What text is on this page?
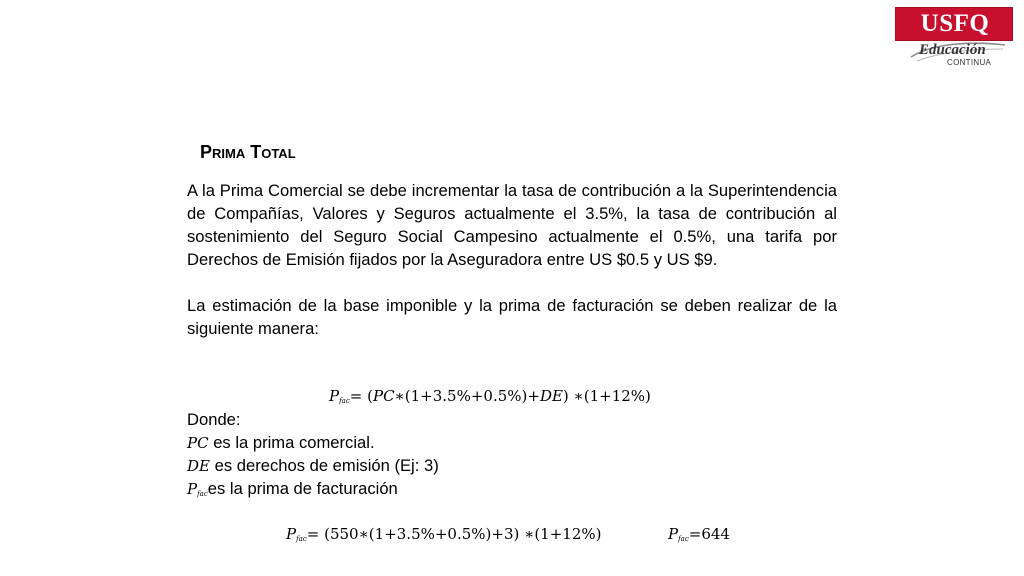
USFQ
Educación
CONTINUA
Prima Total

A la Prima Comercial se debe incrementar la tasa de contribución a la Superintendencia de Compañías, Valores y Seguros actualmente el 3.5%, la tasa de contribución al sostenimiento del Seguro Social Campesino actualmente el 0.5%, una tarifa por Derechos de Emisión fijados por la Aseguradora entre US $0.5 y US $9.

La estimación de la base imponible y la prima de facturación se deben realizar de la siguiente manera:

$P_{fac}=$ (PC∗(1+3.5%+0.5%)+DE) ∗(1+12%)
Donde:
PC es la prima comercial.
DE es derechos de emisión (Ej: 3)
$P_{fac}es$ la prima de facturación
$P_{fac}=$ (550∗(1+3.5%+0.5%)+3) ∗(1+12%)	$P_{fac}=644$
